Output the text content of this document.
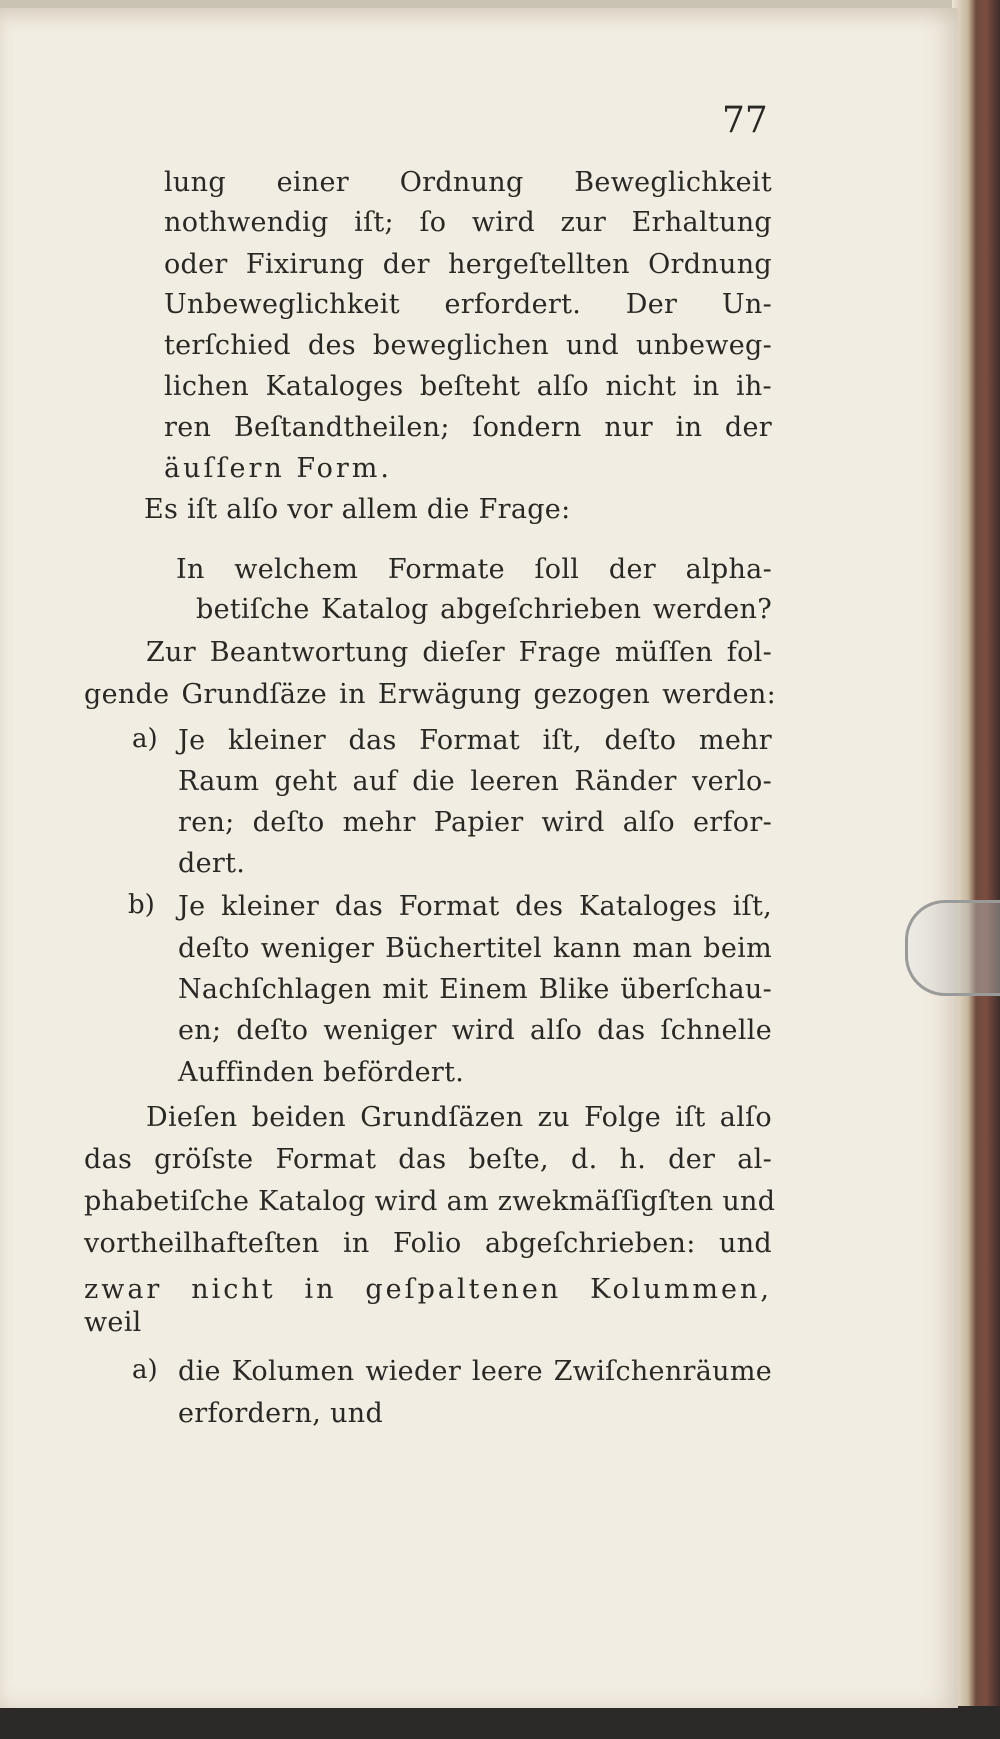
77
lung einer Ordnung Beweglichkeit
nothwendig iſt; ſo wird zur Erhaltung
oder Fixirung der hergeſtellten Ordnung
Unbeweglichkeit erfordert. Der Un-
terſchied des beweglichen und unbeweg-
lichen Kataloges beſteht alſo nicht in ih-
ren Beſtandtheilen; ſondern nur in der
äuſſern Form.
Es iſt alſo vor allem die Frage:
In welchem Formate ſoll der alpha-
betiſche Katalog abgeſchrieben werden?
Zur Beantwortung dieſer Frage müſſen fol-
gende Grundſäze in Erwägung gezogen werden:
a) Je kleiner das Format iſt, deſto mehr
Raum geht auf die leeren Ränder verlo-
ren; deſto mehr Papier wird alſo erfor-
dert.
b) Je kleiner das Format des Kataloges iſt,
deſto weniger Büchertitel kann man beim
Nachſchlagen mit Einem Blike überſchau-
en; deſto weniger wird alſo das ſchnelle
Auffinden befördert.
Dieſen beiden Grundſäzen zu Folge iſt alſo
das gröſste Format das beſte, d. h. der al-
phabetiſche Katalog wird am zwekmäſſigſten und
vortheilhafteſten in Folio abgeſchrieben: und
zwar nicht in geſpaltenen Kolummen,
weil
a) die Kolumen wieder leere Zwiſchenräume
erfordern, und
